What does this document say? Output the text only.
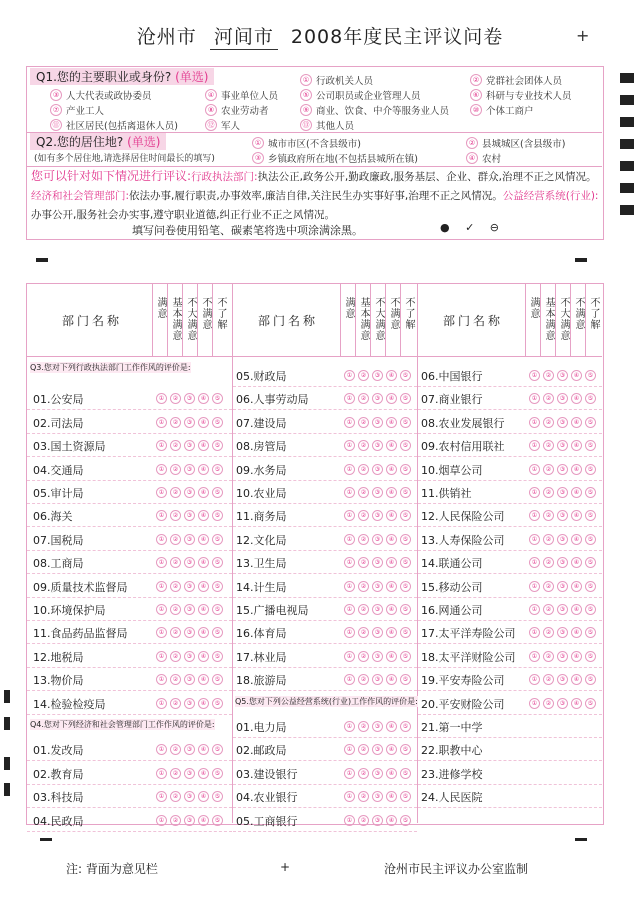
沧州市 河间市 2008年度民主评议问卷	+
Q1.您的主要职业或身份? (单选)	① 行政机关人员	② 党群社会团体人员
③ 人大代表或政协委员	④ 事业单位人员	⑤ 公司职员或企业管理人员	⑥ 科研与专业技术人员
⑦ 产业工人	⑧ 农业劳动者	⑨ 商业、饮食、中介等服务业人员	⑩ 个体工商户
⑪ 社区居民(包括离退休人员)	⑫ 军人	⑬ 其他人员
Q2.您的居住地? (单选)
(如有多个居住地,请选择居住时间最长的填写)
① 城市市区(不含县级市)	② 县城城区(含县级市)
③ 乡镇政府所在地(不包括县城所在镇)	④ 农村
您可以针对如下情况进行评议:行政执法部门:执法公正,政务公开,勤政廉政,服务基层、企业、群众,治理不正之风情况。经济和社会管理部门:依法办事,履行职责,办事效率,廉洁自律,关注民生办实事好事,治理不正之风情况。公益经营系统(行业):办事公开,服务社会办实事,遵守职业道德,纠正行业不正之风情况。
填写问卷使用铅笔、碳素笔将选中项涂满涂黑。	● ✓ ⊖
部门名称	部门名称	部门名称
满意 基本满意 不大满意 不满意 不了解	满意 基本满意 不大满意 不满意 不了解	满意 基本满意 不大满意 不满意 不了解
Q3.您对下列行政执法部门工作作风的评价是:
01.公安局	①	②	③	④	⑤
02.司法局	①	②	③	④	⑤
03.国土资源局	①	②	③	④	⑤
04.交通局	①	②	③	④	⑤
05.审计局	①	②	③	④	⑤
06.海关	①	②	③	④	⑤
07.国税局	①	②	③	④	⑤
08.工商局	①	②	③	④	⑤
09.质量技术监督局	①	②	③	④	⑤
10.环境保护局	①	②	③	④	⑤
11.食品药品监督局	①	②	③	④	⑤
12.地税局	①	②	③	④	⑤
13.物价局	①	②	③	④	⑤
14.检验检疫局	①	②	③	④	⑤
Q4.您对下列经济和社会管理部门工作作风的评价是:
01.发改局	①	②	③	④	⑤
02.教育局	①	②	③	④	⑤
03.科技局	①	②	③	④	⑤
04.民政局	①	②	③	④	⑤
05.财政局	①	②	③	④	⑤
06.人事劳动局	①	②	③	④	⑤
07.建设局	①	②	③	④	⑤
08.房管局	①	②	③	④	⑤
09.水务局	①	②	③	④	⑤
10.农业局	①	②	③	④	⑤
11.商务局	①	②	③	④	⑤
12.文化局	①	②	③	④	⑤
13.卫生局	①	②	③	④	⑤
14.计生局	①	②	③	④	⑤
15.广播电视局	①	②	③	④	⑤
16.体育局	①	②	③	④	⑤
17.林业局	①	②	③	④	⑤
18.旅游局	①	②	③	④	⑤
Q5.您对下列公益经营系统(行业)工作作风的评价是:
01.电力局	①	②	③	④	⑤
02.邮政局	①	②	③	④	⑤
03.建设银行	①	②	③	④	⑤
04.农业银行	①	②	③	④	⑤
05.工商银行	①	②	③	④	⑤
06.中国银行	①	②	③	④	⑤
07.商业银行	①	②	③	④	⑤
08.农业发展银行	①	②	③	④	⑤
09.农村信用联社	①	②	③	④	⑤
10.烟草公司	①	②	③	④	⑤
11.供销社	①	②	③	④	⑤
12.人民保险公司	①	②	③	④	⑤
13.人寿保险公司	①	②	③	④	⑤
14.联通公司	①	②	③	④	⑤
15.移动公司	①	②	③	④	⑤
16.网通公司	①	②	③	④	⑤
17.太平洋寿险公司	①	②	③	④	⑤
18.太平洋财险公司	①	②	③	④	⑤
19.平安寿险公司	①	②	③	④	⑤
20.平安财险公司	①	②	③	④	⑤
21.第一中学
22.职教中心
23.进修学校
24.人民医院
注: 背面为意见栏	+	沧州市民主评议办公室监制
